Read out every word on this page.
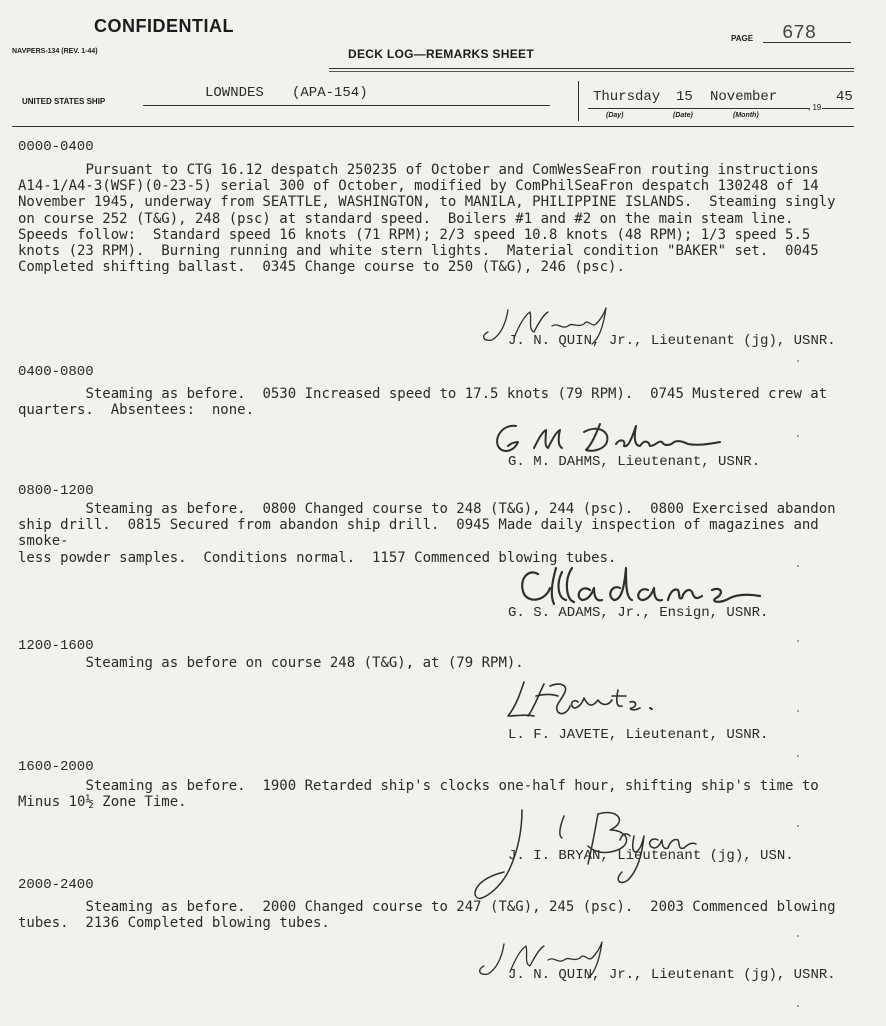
CONFIDENTIAL
NAVPERS-134 (REV. 1-44)	DECK LOG—REMARKS SHEET
PAGE 678
UNITED STATES SHIP
LOWNDES (APA-154)	Thursday 15 November
, 19
45
(Day)	(Date)	(Month)
0000-0400
Pursuant to CTG 16.12 despatch 250235 of October and ComWesSeaFron routing instructions
A14-1/A4-3(WSF)(0-23-5) serial 300 of October, modified by ComPhilSeaFron despatch 130248 of 14
November 1945, underway from SEATTLE, WASHINGTON, to MANILA, PHILIPPINE ISLANDS.  Steaming singly
on course 252 (T&G), 248 (psc) at standard speed.  Boilers #1 and #2 on the main steam line.
Speeds follow:  Standard speed 16 knots (71 RPM); 2/3 speed 10.8 knots (48 RPM); 1/3 speed 5.5
knots (23 RPM).  Burning running and white stern lights.  Material condition "BAKER" set.  0045
Completed shifting ballast.  0345 Change course to 250 (T&G), 246 (psc).
J. N. QUIN, Jr., Lieutenant (jg), USNR.
0400-0800
Steaming as before.  0530 Increased speed to 17.5 knots (79 RPM).  0745 Mustered crew at
quarters.  Absentees:  none.
G. M. DAHMS, Lieutenant, USNR.
0800-1200
Steaming as before.  0800 Changed course to 248 (T&G), 244 (psc).  0800 Exercised abandon
ship drill.  0815 Secured from abandon ship drill.  0945 Made daily inspection of magazines and smoke-
less powder samples.  Conditions normal.  1157 Commenced blowing tubes.
G. S. ADAMS, Jr., Ensign, USNR.
1200-1600
Steaming as before on course 248 (T&G), at (79 RPM).
L. F. JAVETE, Lieutenant, USNR.
1600-2000
Steaming as before.  1900 Retarded ship's clocks one-half hour, shifting ship's time to
Minus 10½ Zone Time.
J. I. BRYAN, Lieutenant (jg), USN.
2000-2400
Steaming as before.  2000 Changed course to 247 (T&G), 245 (psc).  2003 Commenced blowing
tubes.  2136 Completed blowing tubes.
J. N. QUIN, Jr., Lieutenant (jg), USNR.
